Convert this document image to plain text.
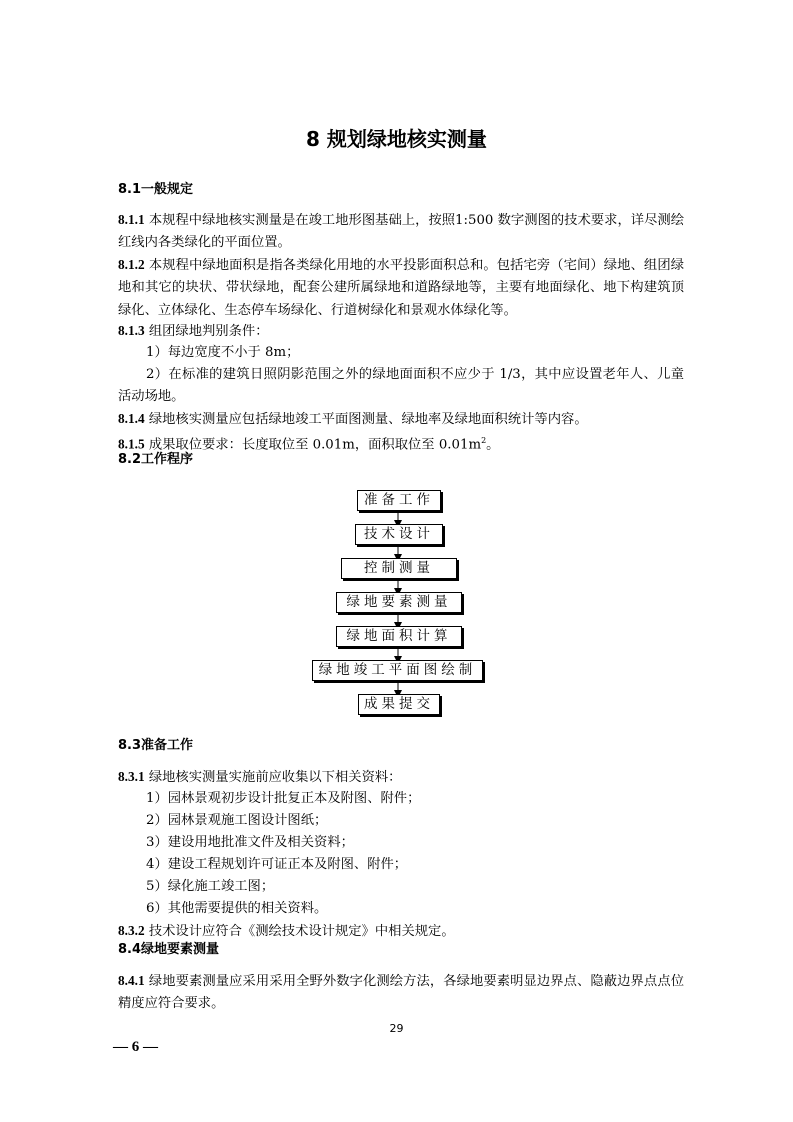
8 规划绿地核实测量
8.1一般规定

8.1.1 本规程中绿地核实测量是在竣工地形图基础上，按照1:500 数字测图的技术要求，详尽测绘红线内各类绿化的平面位置。

8.1.2 本规程中绿地面积是指各类绿化用地的水平投影面积总和。包括宅旁（宅间）绿地、组团绿地和其它的块状、带状绿地，配套公建所属绿地和道路绿地等，主要有地面绿化、地下构建筑顶绿化、立体绿化、生态停车场绿化、行道树绿化和景观水体绿化等。

8.1.3 组团绿地判别条件：

1）每边宽度不小于 8m；

2）在标准的建筑日照阴影范围之外的绿地面面积不应少于 1/3，其中应设置老年人、儿童活动场地。

8.1.4 绿地核实测量应包括绿地竣工平面图测量、绿地率及绿地面积统计等内容。

8.1.5 成果取位要求：长度取位至 0.01m，面积取位至 $0.01m^2$。

8.2工作程序
准备工作
技术设计
控制测量
绿地要素测量
绿地面积计算
绿地竣工平面图绘制
成果提交
8.3准备工作

8.3.1 绿地核实测量实施前应收集以下相关资料：

1）园林景观初步设计批复正本及附图、附件；

2）园林景观施工图设计图纸；

3）建设用地批准文件及相关资料；

4）建设工程规划许可证正本及附图、附件；

5）绿化施工竣工图；

6）其他需要提供的相关资料。

8.3.2 技术设计应符合《测绘技术设计规定》中相关规定。

8.4绿地要素测量

8.4.1 绿地要素测量应采用采用全野外数字化测绘方法，各绿地要素明显边界点、隐蔽边界点点位精度应符合要求。

29
— 6 —
